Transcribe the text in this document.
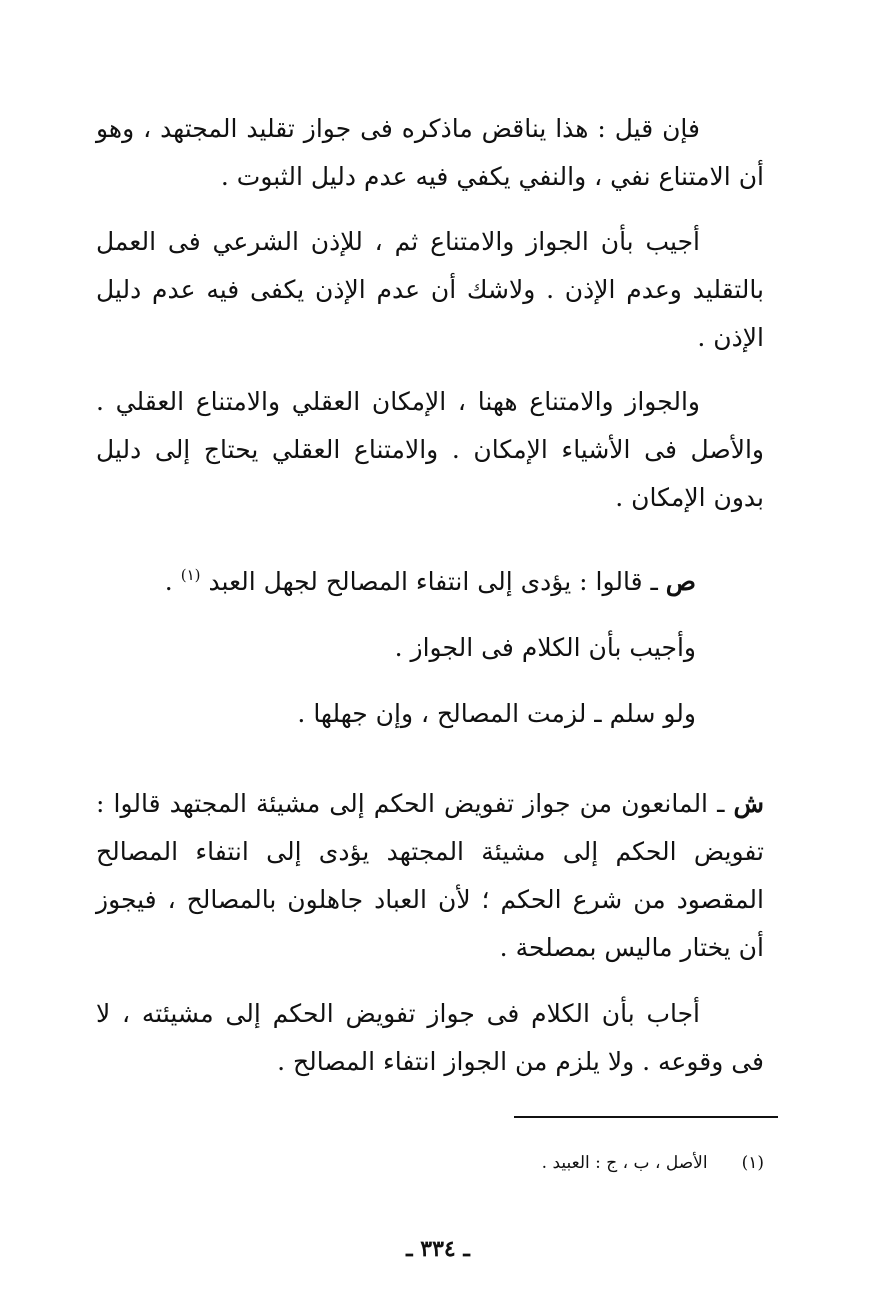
فإن قيل : هذا يناقض ماذكره فى جواز تقليد المجتهد ، وهو أن الامتناع نفي ، والنفي يكفي فيه عدم دليل الثبوت .
أجيب بأن الجواز والامتناع ثم ، للإذن الشرعي فى العمل بالتقليد وعدم الإذن . ولاشك أن عدم الإذن يكفى فيه عدم دليل الإذن .
والجواز والامتناع ههنا ، الإمكان العقلي والامتناع العقلي . والأصل فى الأشياء الإمكان . والامتناع العقلي يحتاج إلى دليل بدون الإمكان .
ص ـ قالوا : يؤدى إلى انتفاء المصالح لجهل العبد $^{(١)}$ .
وأجيب بأن الكلام فى الجواز .
ولو سلم ـ لزمت المصالح ، وإن جهلها .
ش ـ المانعون من جواز تفويض الحكم إلى مشيئة المجتهد قالوا : تفويض الحكم إلى مشيئة المجتهد يؤدى إلى انتفاء المصالح المقصود من شرع الحكم ؛ لأن العباد جاهلون بالمصالح ، فيجوز أن يختار ماليس بمصلحة .
أجاب بأن الكلام فى جواز تفويض الحكم إلى مشيئته ، لا فى وقوعه . ولا يلزم من الجواز انتفاء المصالح .
(١)الأصل ، ب ، ج : العبيد .
ـ ٣٣٤ ـ
